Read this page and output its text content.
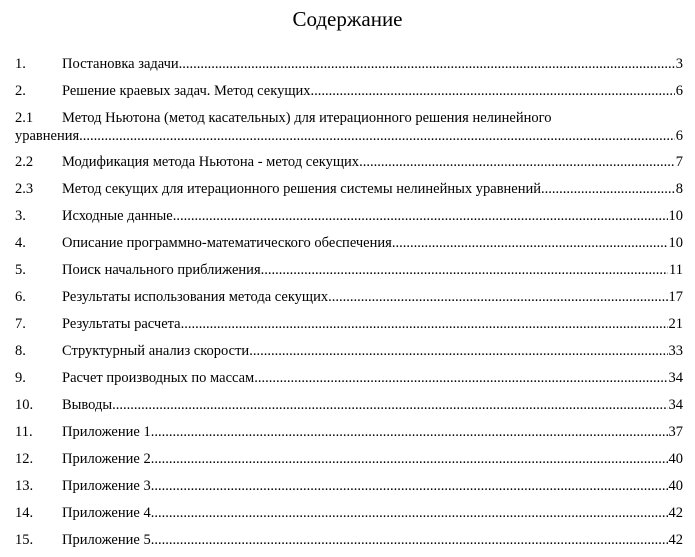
Содержание
1. Постановка задачи .....	3
2. Решение краевых задач. Метод секущих .....	6
2.1 Метод Ньютона (метод касательных) для итерационного решения нелинейного
уравнения .....	6
2.2 Модификация метода Ньютона - метод секущих .....	7
2.3 Метод секущих для итерационного решения системы нелинейных уравнений .....	8
3. Исходные данные .....	10
4. Описание программно-математического обеспечения .....	10
5. Поиск начального приближения .....	11
6. Результаты использования метода секущих .....	17
7. Результаты расчета .....	21
8. Структурный анализ скорости .....	33
9. Расчет производных по массам .....	34
10. Выводы .....	34
11. Приложение 1 .....	37
12. Приложение 2 .....	40
13. Приложение 3 .....	40
14. Приложение 4 .....	42
15. Приложение 5 .....	42
